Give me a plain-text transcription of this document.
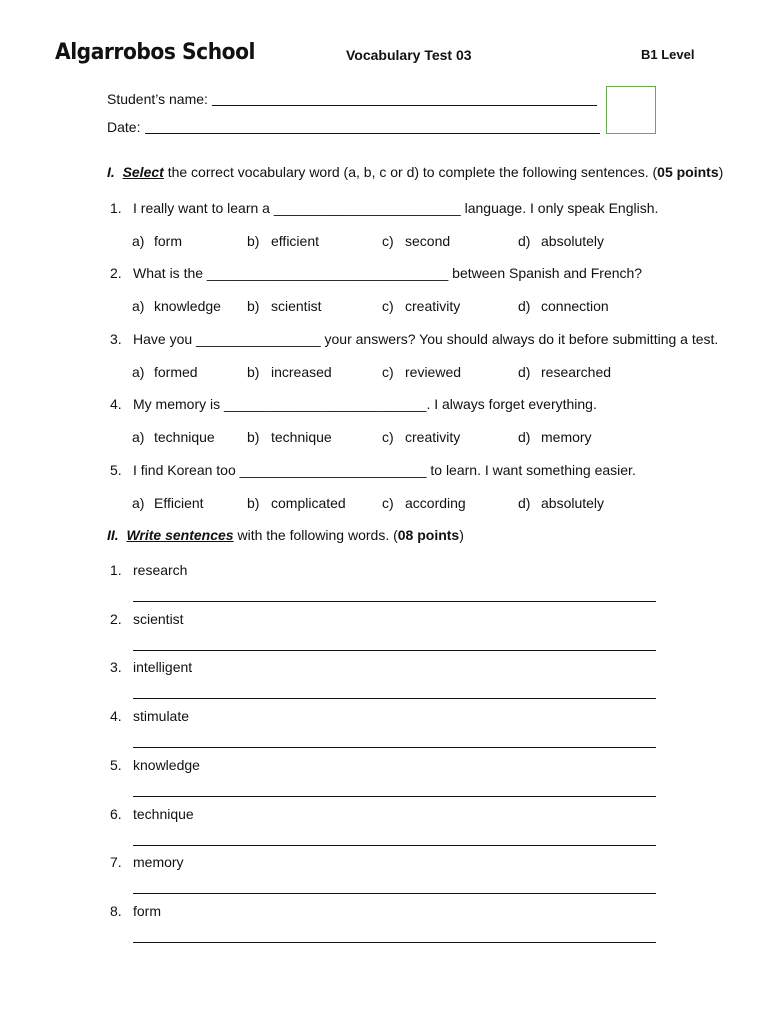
Algarrobos School	Vocabulary Test 03	B1 Level
Student’s name:
Date:
I. Select the correct vocabulary word (a, b, c or d) to complete the following sentences. (05 points)
1. I really want to learn a ________________________ language. I only speak English.
a) form	b) efficient	c) second	d) absolutely
2. What is the _______________________________ between Spanish and French?
a) knowledge b) scientist	c) creativity	d) connection
3. Have you ________________ your answers? You should always do it before submitting a test.
a) formed	b) increased	c) reviewed	d) researched
4. My memory is __________________________. I always forget everything.
a) technique b) technique	c) creativity	d) memory
5. I find Korean too ________________________ to learn. I want something easier.
a) Efficient	b) complicated	c) according	d) absolutely
II. Write sentences with the following words. (08 points)
1. research
2. scientist
3. intelligent
4. stimulate
5. knowledge
6. technique
7. memory
8. form
